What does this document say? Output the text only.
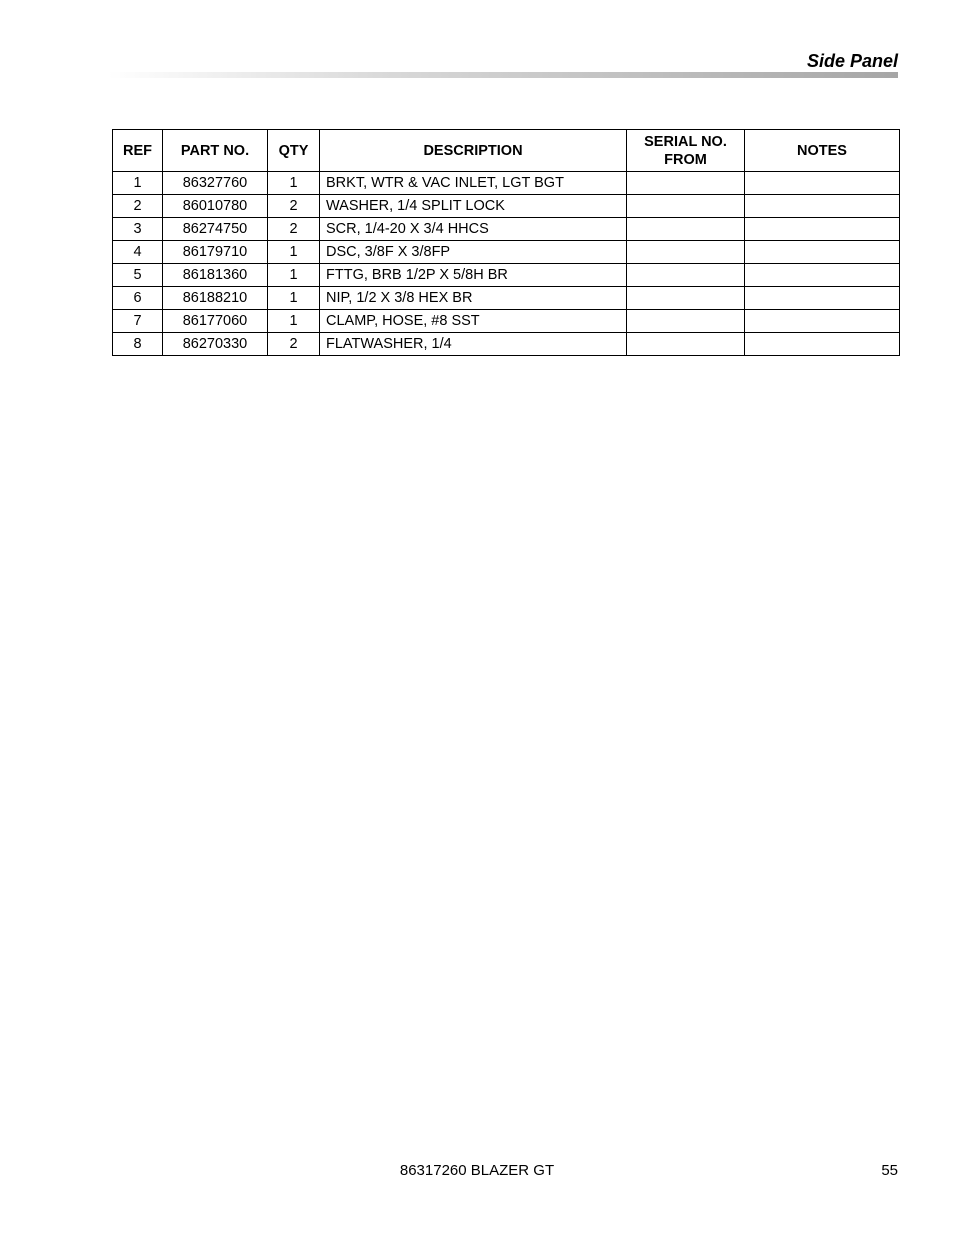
Side Panel
REF	PART NO.	QTY	DESCRIPTION	SERIAL NO. FROM	NOTES
1	86327760	1	BRKT, WTR & VAC INLET, LGT BGT		
2	86010780	2	WASHER, 1/4 SPLIT LOCK		
3	86274750	2	SCR, 1/4-20 X 3/4 HHCS		
4	86179710	1	DSC, 3/8F X 3/8FP		
5	86181360	1	FTTG, BRB 1/2P X 5/8H BR		
6	86188210	1	NIP, 1/2 X 3/8 HEX BR		
7	86177060	1	CLAMP, HOSE, #8 SST		
8	86270330	2	FLATWASHER, 1/4		
86317260 BLAZER GT	55
